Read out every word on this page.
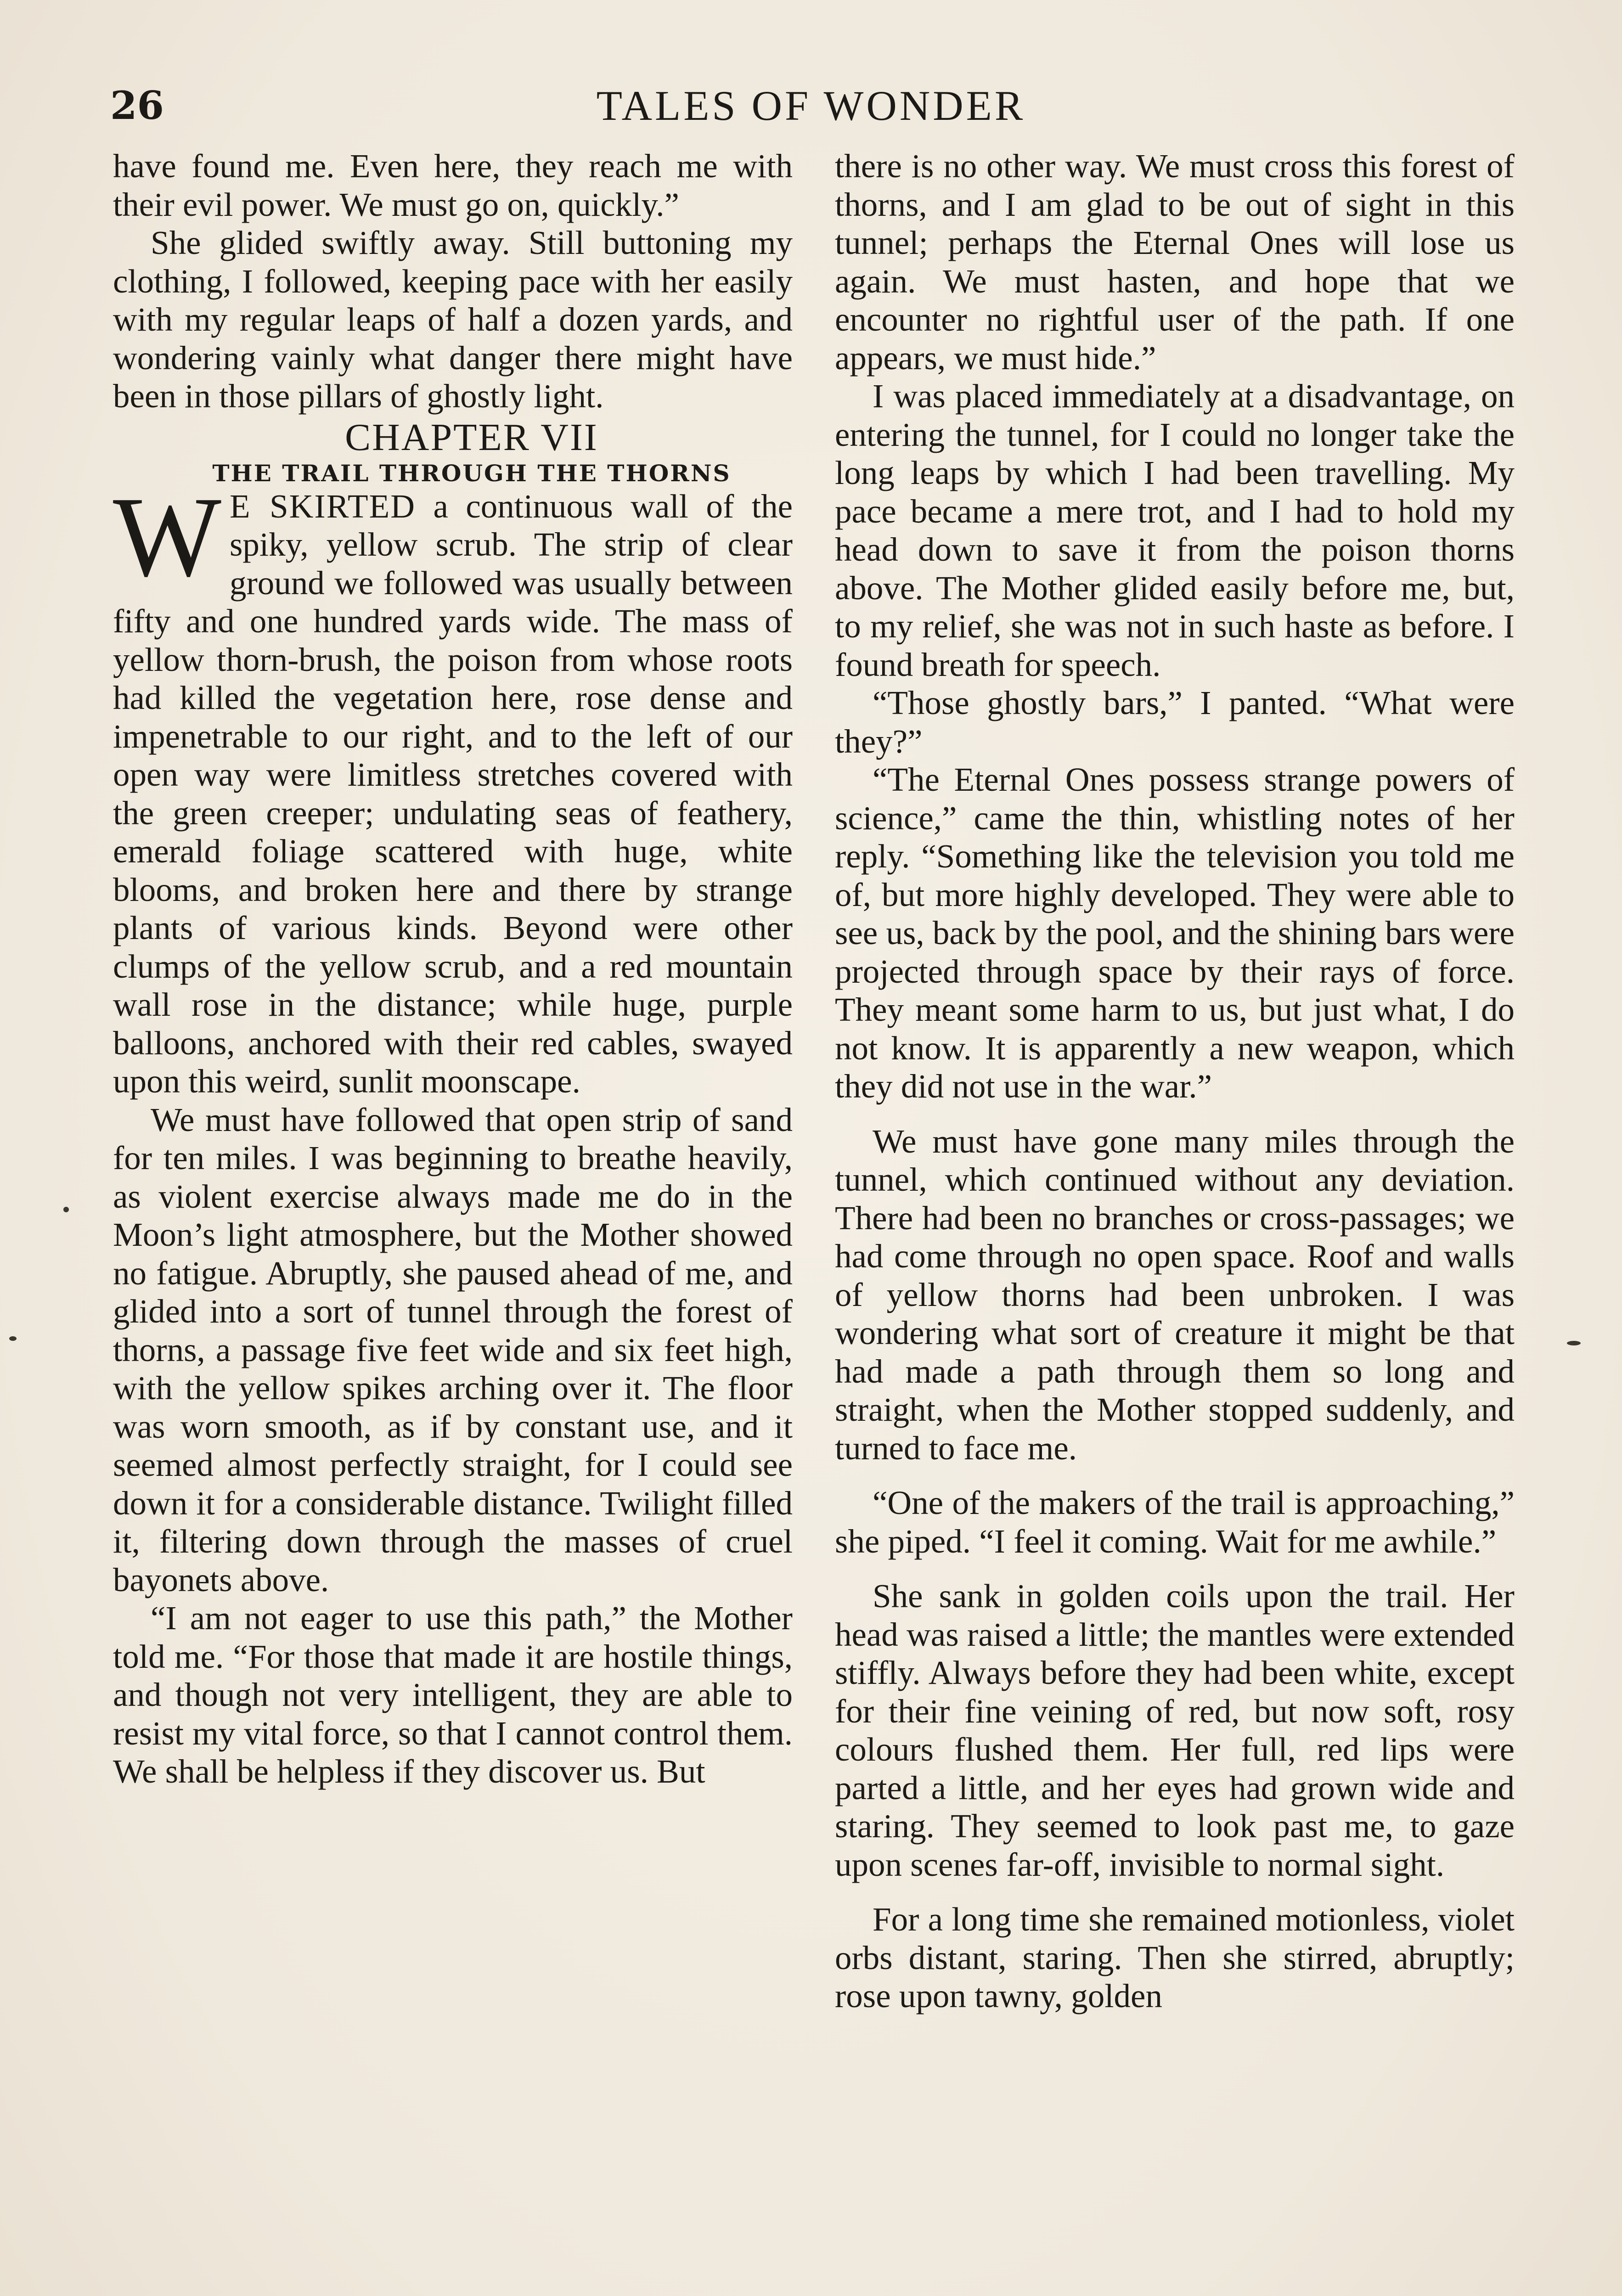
26	TALES OF WONDER

have found me. Even here, they reach me with their evil power. We must go on, quickly.”

She glided swiftly away. Still buttoning my clothing, I followed, keeping pace with her easily with my regular leaps of half a dozen yards, and wondering vainly what danger there might have been in those pillars of ghostly light.

CHAPTER VII

THE TRAIL THROUGH THE THORNS

W E SKIRTED a continuous wall of the spiky, yellow scrub. The strip of clear ground we followed was usually between fifty and one hundred yards wide. The mass of yellow thorn-brush, the poison from whose roots had killed the vegetation here, rose dense and impenetrable to our right, and to the left of our open way were limitless stretches covered with the green creeper; undulating seas of feathery, emerald foliage scattered with huge, white blooms, and broken here and there by strange plants of various kinds. Beyond were other clumps of the yellow scrub, and a red mountain wall rose in the distance; while huge, purple balloons, anchored with their red cables, swayed upon this weird, sunlit moonscape.

We must have followed that open strip of sand for ten miles. I was beginning to breathe heavily, as violent exercise always made me do in the Moon’s light atmosphere, but the Mother showed no fatigue. Abruptly, she paused ahead of me, and glided into a sort of tunnel through the forest of thorns, a passage five feet wide and six feet high, with the yellow spikes arching over it. The floor was worn smooth, as if by constant use, and it seemed almost perfectly straight, for I could see down it for a considerable distance. Twilight filled it, filtering down through the masses of cruel bayonets above.

“I am not eager to use this path,” the Mother told me. “For those that made it are hostile things, and though not very intelligent, they are able to resist my vital force, so that I cannot control them. We shall be helpless if they discover us. But

there is no other way. We must cross this forest of thorns, and I am glad to be out of sight in this tunnel; perhaps the Eternal Ones will lose us again. We must hasten, and hope that we encounter no rightful user of the path. If one appears, we must hide.”

I was placed immediately at a disadvantage, on entering the tunnel, for I could no longer take the long leaps by which I had been travelling. My pace became a mere trot, and I had to hold my head down to save it from the poison thorns above. The Mother glided easily before me, but, to my relief, she was not in such haste as before. I found breath for speech.

“Those ghostly bars,” I panted. “What were they?”

“The Eternal Ones possess strange powers of science,” came the thin, whistling notes of her reply. “Something like the television you told me of, but more highly developed. They were able to see us, back by the pool, and the shining bars were projected through space by their rays of force. They meant some harm to us, but just what, I do not know. It is apparently a new weapon, which they did not use in the war.”

We must have gone many miles through the tunnel, which continued without any deviation. There had been no branches or cross-passages; we had come through no open space. Roof and walls of yellow thorns had been unbroken. I was wondering what sort of creature it might be that had made a path through them so long and straight, when the Mother stopped suddenly, and turned to face me.

“One of the makers of the trail is approaching,” she piped. “I feel it coming. Wait for me awhile.”

She sank in golden coils upon the trail. Her head was raised a little; the mantles were extended stiffly. Always before they had been white, except for their fine veining of red, but now soft, rosy colours flushed them. Her full, red lips were parted a little, and her eyes had grown wide and staring. They seemed to look past me, to gaze upon scenes far-off, invisible to normal sight.

For a long time she remained motionless, violet orbs distant, staring. Then she stirred, abruptly; rose upon tawny, golden
